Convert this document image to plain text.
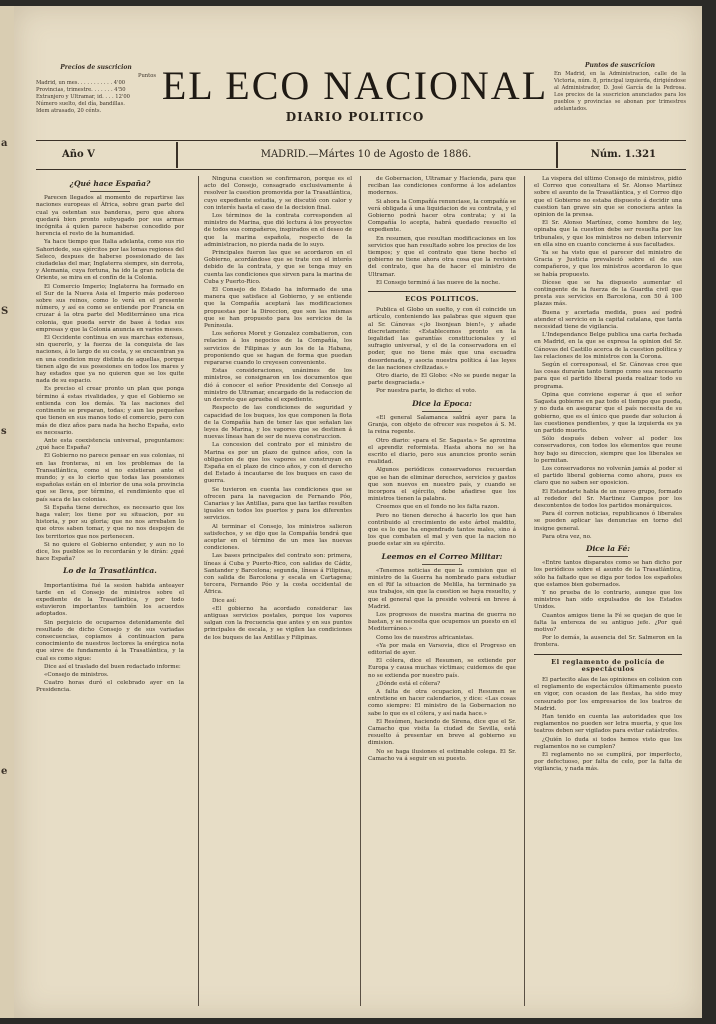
a
S
s
e
Precios de suscricion
Puntos
Madrid, un mes. . . . . . . . . . . 4'00
Provincias, trimestre. . . . . . . 4'50
Extranjero y Ultramar, id. . . . 12'00
Número suelto, del día, bandillas.
Idem atrasado, 20 cénts.
EL ECO NACIONAL
DIARIO POLITICO
Puntos de suscricion
En Madrid, en la Administracion, calle de la Victoria, núm. 8, principal izquierda, dirigiéndose al Administrador, D. José García de la Pedrosa. Los precios de la suscricion anunciados para los pueblos y provincias se abonan por trimestres adelantados.
Año V	MADRID.—Mártes 10 de Agosto de 1886.	Núm. 1.321
¿Qué hace España?

Parecen llegados al momento de repartirse las naciones europeas el África, sobre gran parte del cual ya ostentan sus banderas, pero que ahora quedará bien pronto subyugado por sus armas incógnita á quien parece haberse concedido por herencia el resto de la humanidad.

Ya hace tiempo que Italia adelanta, como sus rio Sahoridede, sus ejércitos por las lomas regiones del Seleco, despues de haberse posesionado de las ciudadelas del mar, Inglaterra siempre, sin derrota, y Alemania, cuya fortuna, ha ido la gran noticia de Oriente, se mira en el confín de la Colonia.

El Comercio Imperio; Inglaterra ha formado en el Sur de la Nueva Asia el Imperio más poderoso sobre sus reinos, como lo verá en el presente número, y así es como se entiende por Francia en cruzar á la otra parte del Mediterráneo una rica colonia, que pueda servir de base á todas sus empresas y que la Colonia anuncia en varios meses.

El Occidente continua en sus marchas extensas, sin quererlo, y la fuerza de la conquista de las naciones, á lo largo de su costa, y se encuentran ya en una condicion muy distinta de aquellas, porque tienen algo de sus posesiones en todos los mares y hay estados que ya no quieren que se los quite nada de su espacio.

Es preciso el crear pronto un plan que ponga término á estas rivalidades, y que el Gobierno se entienda con los demás. Ya las naciones del continente se preparan, todas; y aun las pequeñas que tienen en sus manos todo el comercio, pero con más de diez años para nada ha hecho España, esto es necesario.

Ante esta coexistencia universal, preguntamos: ¿qué hace España?

El Gobierno no parece pensar en sus colonias, ni en las fronteras, ni en los problemas de la Transatlántica, como si no existieran ante el mundo; y es lo cierto que todas las posesiones españolas están en el interior de una sola provincia que se lleva, por término, el rendimiento que el país saca de las colonias.

Si España tiene derechos, es necesario que los haga valer; los tiene por su situacion, por su historia, y por su gloria; que no nos arrebaten lo que otros saben tomar, y que no nos despojen de los territorios que nos pertenecen.

Si no quiere el Gobierno entender, y aun no lo dice, los pueblos se lo recordarán y le dirán: ¿qué hace España?

Lo de la Trasatlántica.

Importantísima fué la sesion habida anteayer tarde en el Consejo de ministros sobre el expediente de la Trasatlántica, y por todo estuvieron importantes también los acuerdos adoptados.

Sin perjuicio de ocuparnos detenidamente del resultado de dicho Consejo y de sus variadas consecuencias, copiamos á continuacion para conocimiento de nuestros lectores la enérgica nota que sirve de fundamento á la Trasatlántica, y la cual es como sigue:

Dice así el traslado del buen redactado informe:

«Consejo de ministros.

Cuatro horas duró el celebrado ayer en la Presidencia.

Ninguna cuestion se confirmaron, porque es el acto del Consejo, consagrado exclusivamente á resolver la cuestion promovida por la Trasatlántica, cuyo expediente estudia, y se discutió con calor y con interés hasta el caso de la decision final.

Los términos de la contrata corresponden al ministro de Marina, que dió lectura á los proyectos de todos sus compañeros, inspirados en el deseo de que la marina española, respecto de la administracion, no pierda nada de lo suyo.

Principales fueron las que se acordaron en el Gobierno, acordándose que se trate con el interés debido de la contrata, y que se tenga muy en cuenta las condiciones que sirven para la marina de Cuba y Puerto-Rico.

El Consejo de Estado ha informado de una manera que satisface al Gobierno, y se entiende que la Compañía aceptará las modificaciones propuestas por la Direccion, que son las mismas que se han propuesto para los servicios de la Península.

Los señores Moret y Gonzalez combatieron, con relacion á los negocios de la Compañía, los servicios de Filipinas y aun los de la Habana, proponiendo que se hagan de forma que puedan repararse cuando lo creyesen conveniente.

Estas consideraciones, unánimes de los ministros, se consignaron en los documentos que dió á conocer el señor Presidente del Consejo al ministro de Ultramar, encargado de la redaccion de un decreto que aprueba el expediente.

Respecto de las condiciones de seguridad y capacidad de los buques, los que componen la flota de la Compañía han de tener las que señalan las leyes de Marina, y los vapores que se destinen á nuevas líneas han de ser de nueva construccion.

La concesion del contrato por el ministro de Marina es por un plazo de quince años, con la obligacion de que los vapores se construyan en España en el plazo de cinco años, y con el derecho del Estado á incautarse de los buques en caso de guerra.

Se tuvieron en cuenta las condiciones que se ofrecen para la navegacion de Fernando Póo, Canarias y las Antillas, para que las tarifas resulten iguales en todos los puertos y para los diferentes servicios.

Al terminar el Consejo, los ministros salieron satisfechos, y se dijo que la Compañía tendrá que aceptar en el término de un mes las nuevas condiciones.

Las bases principales del contrato son: primera, líneas á Cuba y Puerto-Rico, con salidas de Cádiz, Santander y Barcelona; segunda, líneas á Filipinas, con salida de Barcelona y escala en Cartagena; tercera, Fernando Póo y la costa occidental de África.

Dice así:

«El gobierno ha acordado considerar las antiguas servicios postales, porque los vapores salgan con la frecuencia que antes y en sus puntos principales de escala, y se vigilen las condiciones de los buques de las Antillas y Filipinas.

de Gobernacion, Ultramar y Hacienda, para que reciban las condiciones conforme á los adelantos modernos.

Si ahora la Compañía renunciase, la compañía se verá obligada á una liquidacion de su contrata, y el Gobierno podrá hacer otra contrata; y si la Compañía lo acepta, habrá quedado resuelto el expediente.

En resumen, que resultan modificaciones en los servicios que han resultado sobre los precios de los tiempos; y que el contrato que tiene hecho el gobierno no tiene ahora otra cosa que la revision del contrato, que ha de hacer el ministro de Ultramar.

El Consejo terminó á las nueve de la noche.

ECOS POLITICOS.

Publica el Globo un suelto, y con él coincide un artículo, conteniendo las palabras que siguen que al Sr. Cánovas «¡lo lisonjean bien!», y añade discretamente: «Establecemos pronto en la legalidad las garantías constitucionales y el sufragio universal, y el de la conservadora en el poder, que no tiene más que una escuadra desordenada, y asocia nuestra política á las leyes de las naciones civilizadas.»

Otro diario, de El Globo: «No se puede negar la parte desgraciada.»

Por nuestra parte, lo dicho: el voto.

Dice la Epoca:

«El general Salamanca saldrá ayer para la Granja, con objeto de ofrecer sus respetos á S. M. la reina regente.

Otro diario: «para el Sr. Sagasta.» Se aproxima el aprendiz reformista. Hasta ahora no se ha escrito el diario, pero sus anuncios pronto serán realidad.

Algunos periódicos conservadores recuerdan que se han de eliminar derechos, servicios y gastos que son nuevos en nuestro país, y cuando se incorpora el ejército, debe añadirse que los ministros tienen la palabra.

Creemos que en el fondo no les falta razon.

Pero no tienen derecho á hacerlo los que han contribuido al crecimiento de este árbol maldito, que es lo que ha engendrado tantos males, sino á los que combaten el mal y ven que la nacion no puede estar sin su ejército.

Leemos en el Correo Militar:

«Tenemos noticias de que la comision que el ministro de la Guerra ha nombrado para estudiar en el Rif la situacion de Melilla, ha terminado ya sus trabajos, sin que la cuestion se haya resuelto, y que el general que la preside volverá en breve á Madrid.

Los progresos de nuestra marina de guerra no bastan, y se necesita que ocupemos un puesto en el Mediterráneo.»

Como los de nuestros africanistas.

«Ya por mala en Varsovia, dice el Progreso en editorial de ayer.

El cólera, dice el Resumen, se extiende por Europa y causa muchas víctimas; cuidemos de que no se extienda por nuestro país.

¿Dónde está el cólera?

A falta de otra ocupacion, el Resumen se entretiene en hacer calendarios, y dice: «Las cosas como siempre: El ministro de la Gobernacion no sabe lo que es el cólera, y así nada hace.»

El Resúmen, haciendo de Sirena, dice que el Sr. Camacho que visita la ciudad de Sevilla, está resuelto á presentar en breve al gobierno su dimision.

No se haga ilusiones el estimable colega. El Sr. Camacho va á seguir en su puesto.

La víspera del último Consejo de ministros, pidió el Correo que consultara el Sr. Alonso Martínez sobre el asunto de la Trasatlántica, y el Correo dijo que el Gobierno no estaba dispuesto á decidir una cuestion tan grave sin que se conociera antes la opinion de la prensa.

El Sr. Alonso Martínez, como hombre de ley, opinaba que la cuestion debe ser resuelta por los tribunales, y que los ministros no deben intervenir en ella sino en cuanto concierne á sus facultades.

Ya se ha visto que el parecer del ministro de Gracia y Justicia prevaleció sobre el de sus compañeros, y que los ministros acordaron lo que se había propuesto.

Dícese que se ha dispuesto aumentar el contingente de la fuerza de la Guardia civil que presta sus servicios en Barcelona, con 50 á 100 plazas más.

Buena y acertada medida, pues así podrá atender el servicio en la capital catalana, que tanta necesidad tiene de vigilancia.

L'Independance Belge publica una carta fechada en Madrid, en la que se expresa la opinion del Sr. Cánovas del Castillo acerca de la cuestion política y las relaciones de los ministros con la Corona.

Según el corresponsal, el Sr. Cánovas cree que las cosas durarán tanto tiempo como sea necesario para que el partido liberal pueda realizar todo su programa.

Opina que conviene esperar á que el señor Sagasta gobierne en paz todo el tiempo que pueda, y no duda en asegurar que el país necesita de su gobierno, que es el único que puede dar solucion á las cuestiones pendientes, y que la izquierda es ya un partido muerto.

Sólo después deben volver al poder los conservadores, con todos los elementos que reune hoy bajo su direccion, siempre que los liberales se lo permitan.

Los conservadores no volverán jamás al poder si el partido liberal gobierna como ahora, pues es claro que no saben ser oposicion.

El Estandarte habla de un nuevo grupo, formado al rededor del Sr. Martinez Campos por los descontentos de todos los partidos monárquicos.

Para él corren noticias, republicanos ó liberales se pueden aplicar las denuncias en torno del insigne general.

Para otra vez, no.

Dice la Fé:

«Entre tantos disparates como se han dicho por los periódicos sobre el asunto de la Trasatlántica, sólo ha faltado que se diga por todos los españoles que estamos bien gobernados.

Y no prueba de lo contrario, aunque que los ministros han sido expulsados de los Estados Unidos.

Cuantos amigos tiene la Fé se quejan de que le falta la entereza de su antiguo jefe. ¿Por qué motivo?

Por lo demás, la ausencia del Sr. Salmeron en la frontera.

El reglamento de policía de espectáculos

El partecito alas de las opiniones en colision con el reglamento de espectáculos últimamente puesto en vigor, con ocasion de las fiestas, ha sido muy censurado por los empresarios de los teatros de Madrid.

Han tenido en cuenta las autoridades que los reglamentos no pueden ser letra muerta, y que los teatros deben ser vigilados para evitar catástrofes.

¿Quién lo duda si todos hemos visto que los reglamentos no se cumplen?

El reglamento no se cumplirá, por imperfecto, por defectuoso, por falta de celo, por la falta de vigilancia, y nada más.
